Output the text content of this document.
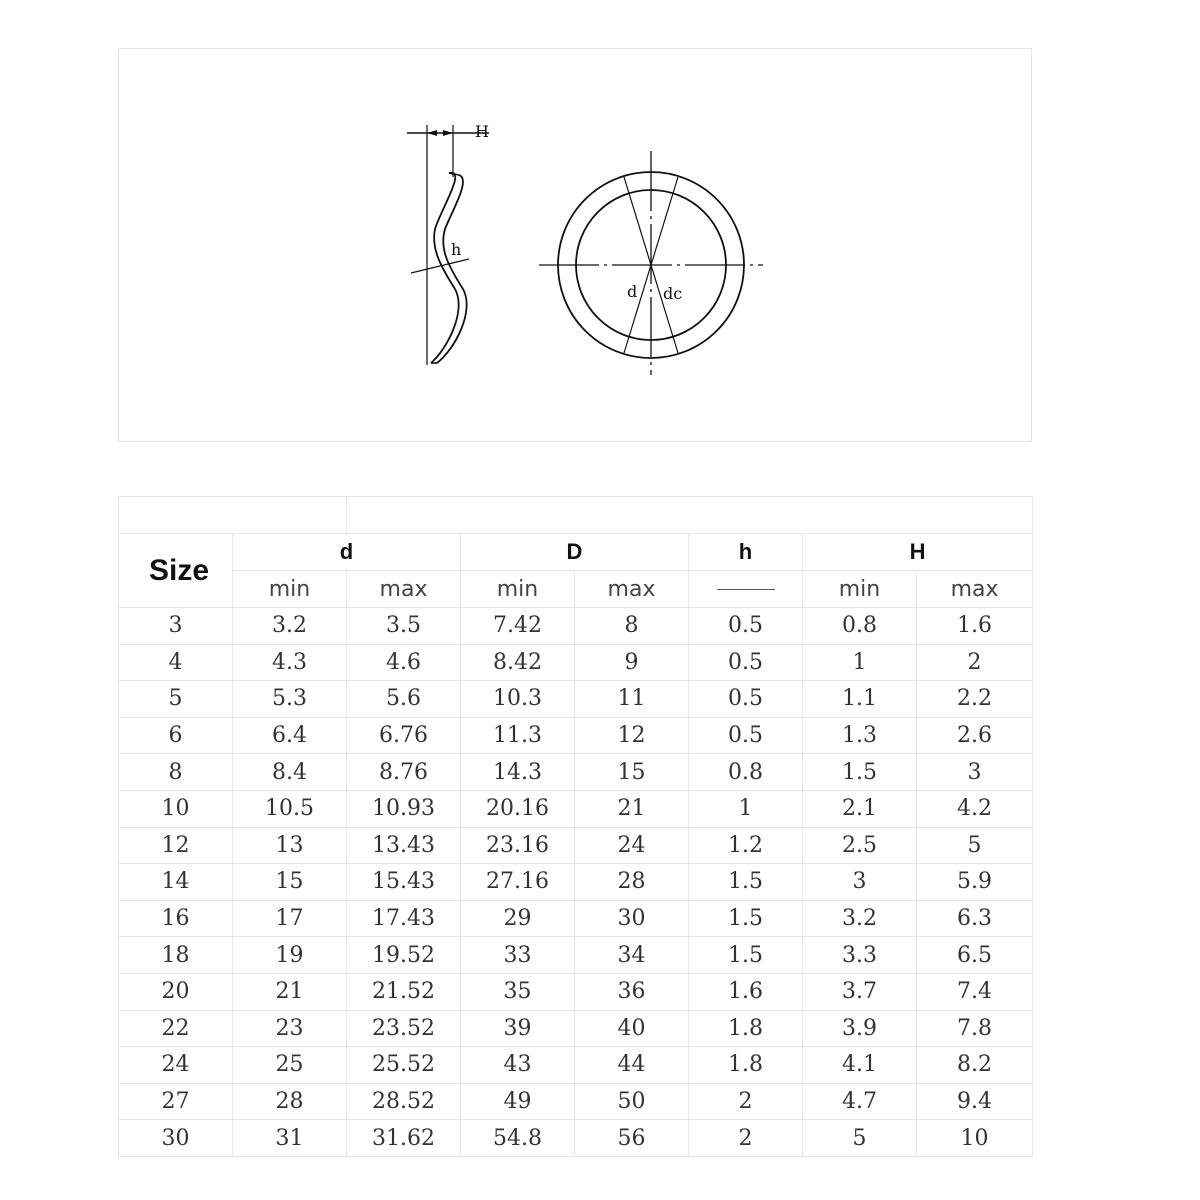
H
h
d dc

Size	d		D		h	H	
	min	max	min	max		min	max
3	3.2	3.5	7.42	8	0.5	0.8	1.6
4	4.3	4.6	8.42	9	0.5	1	2
5	5.3	5.6	10.3	11	0.5	1.1	2.2
6	6.4	6.76	11.3	12	0.5	1.3	2.6
8	8.4	8.76	14.3	15	0.8	1.5	3
10	10.5	10.93	20.16	21	1	2.1	4.2
12	13	13.43	23.16	24	1.2	2.5	5
14	15	15.43	27.16	28	1.5	3	5.9
16	17	17.43	29	30	1.5	3.2	6.3
18	19	19.52	33	34	1.5	3.3	6.5
20	21	21.52	35	36	1.6	3.7	7.4
22	23	23.52	39	40	1.8	3.9	7.8
24	25	25.52	43	44	1.8	4.1	8.2
27	28	28.52	49	50	2	4.7	9.4
30	31	31.62	54.8	56	2	5	10
